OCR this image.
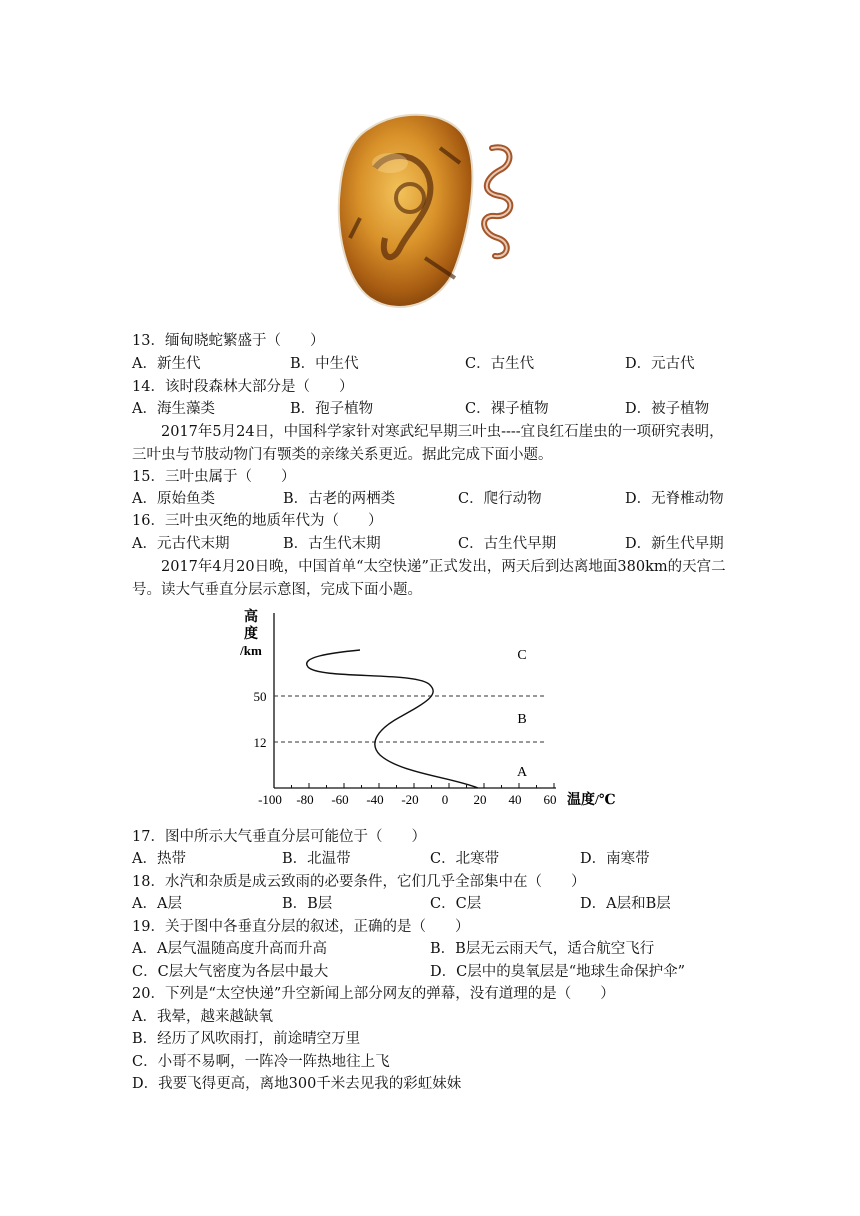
13．缅甸晓蛇繁盛于（　　）
A．新生代	B．中生代	C．古生代	D．元古代
14．该时段森林大部分是（　　）
A．海生藻类	B．孢子植物	C．裸子植物	D．被子植物
2017年5月24日，中国科学家针对寒武纪早期三叶虫----宜良红石崖虫的一项研究表明，三叶虫与节肢动物门有颚类的亲缘关系更近。据此完成下面小题。
15．三叶虫属于（　　）
A．原始鱼类	B．古老的两栖类	C．爬行动物	D．无脊椎动物
16．三叶虫灭绝的地质年代为（　　）
A．元古代末期	B．古生代末期	C．古生代早期	D．新生代早期
2017年4月20日晚，中国首单“太空快递”正式发出，两天后到达离地面380km的天宫二号。读大气垂直分层示意图，完成下面小题。
高
度
/km
50
12
C
B
A
-100 -80 -60 -40 -20 0 20 40 60 温度/℃
17．图中所示大气垂直分层可能位于（　　）
A．热带	B．北温带	C．北寒带	D．南寒带
18．水汽和杂质是成云致雨的必要条件，它们几乎全部集中在（　　）
A．A层	B．B层	C．C层	D．A层和B层
19．关于图中各垂直分层的叙述，正确的是（　　）
A．A层气温随高度升高而升高	B．B层无云雨天气，适合航空飞行
C．C层大气密度为各层中最大	D．C层中的臭氧层是“地球生命保护伞”
20．下列是“太空快递”升空新闻上部分网友的弹幕，没有道理的是（　　）
A．我晕，越来越缺氧
B．经历了风吹雨打，前途晴空万里
C．小哥不易啊，一阵冷一阵热地往上飞
D．我要飞得更高，离地300千米去见我的彩虹妹妹
